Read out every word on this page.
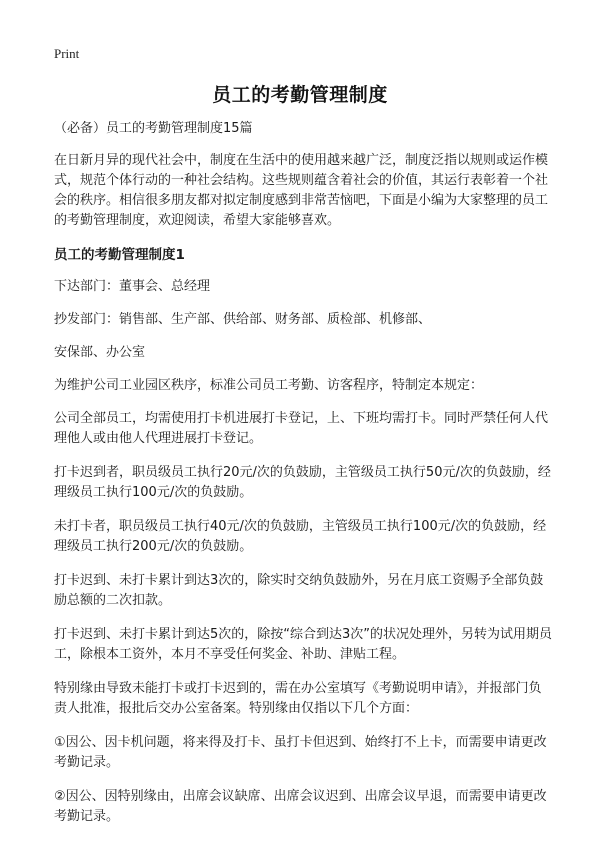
Print
员工的考勤管理制度

（必备）员工的考勤管理制度15篇

在日新月异的现代社会中，制度在生活中的使用越来越广泛，制度泛指以规则或运作模式，规范个体行动的一种社会结构。这些规则蕴含着社会的价值，其运行表彰着一个社会的秩序。相信很多朋友都对拟定制度感到非常苦恼吧，下面是小编为大家整理的员工的考勤管理制度，欢迎阅读，希望大家能够喜欢。

员工的考勤管理制度1

下达部门：董事会、总经理

抄发部门：销售部、生产部、供给部、财务部、质检部、机修部、

安保部、办公室

为维护公司工业园区秩序，标准公司员工考勤、访客程序，特制定本规定：

公司全部员工，均需使用打卡机进展打卡登记，上、下班均需打卡。同时严禁任何人代理他人或由他人代理进展打卡登记。

打卡迟到者，职员级员工执行20元/次的负鼓励，主管级员工执行50元/次的负鼓励，经理级员工执行100元/次的负鼓励。

未打卡者，职员级员工执行40元/次的负鼓励，主管级员工执行100元/次的负鼓励，经理级员工执行200元/次的负鼓励。

打卡迟到、未打卡累计到达3次的，除实时交纳负鼓励外，另在月底工资赐予全部负鼓励总额的二次扣款。

打卡迟到、未打卡累计到达5次的，除按“综合到达3次”的状况处理外，另转为试用期员工，除根本工资外，本月不享受任何奖金、补助、津贴工程。

特别缘由导致未能打卡或打卡迟到的，需在办公室填写《考勤说明申请》，并报部门负责人批准，报批后交办公室备案。特别缘由仅指以下几个方面：

①因公、因卡机问题，将来得及打卡、虽打卡但迟到、始终打不上卡，而需要申请更改考勤记录。

②因公、因特别缘由，出席会议缺席、出席会议迟到、出席会议早退，而需要申请更改考勤记录。
